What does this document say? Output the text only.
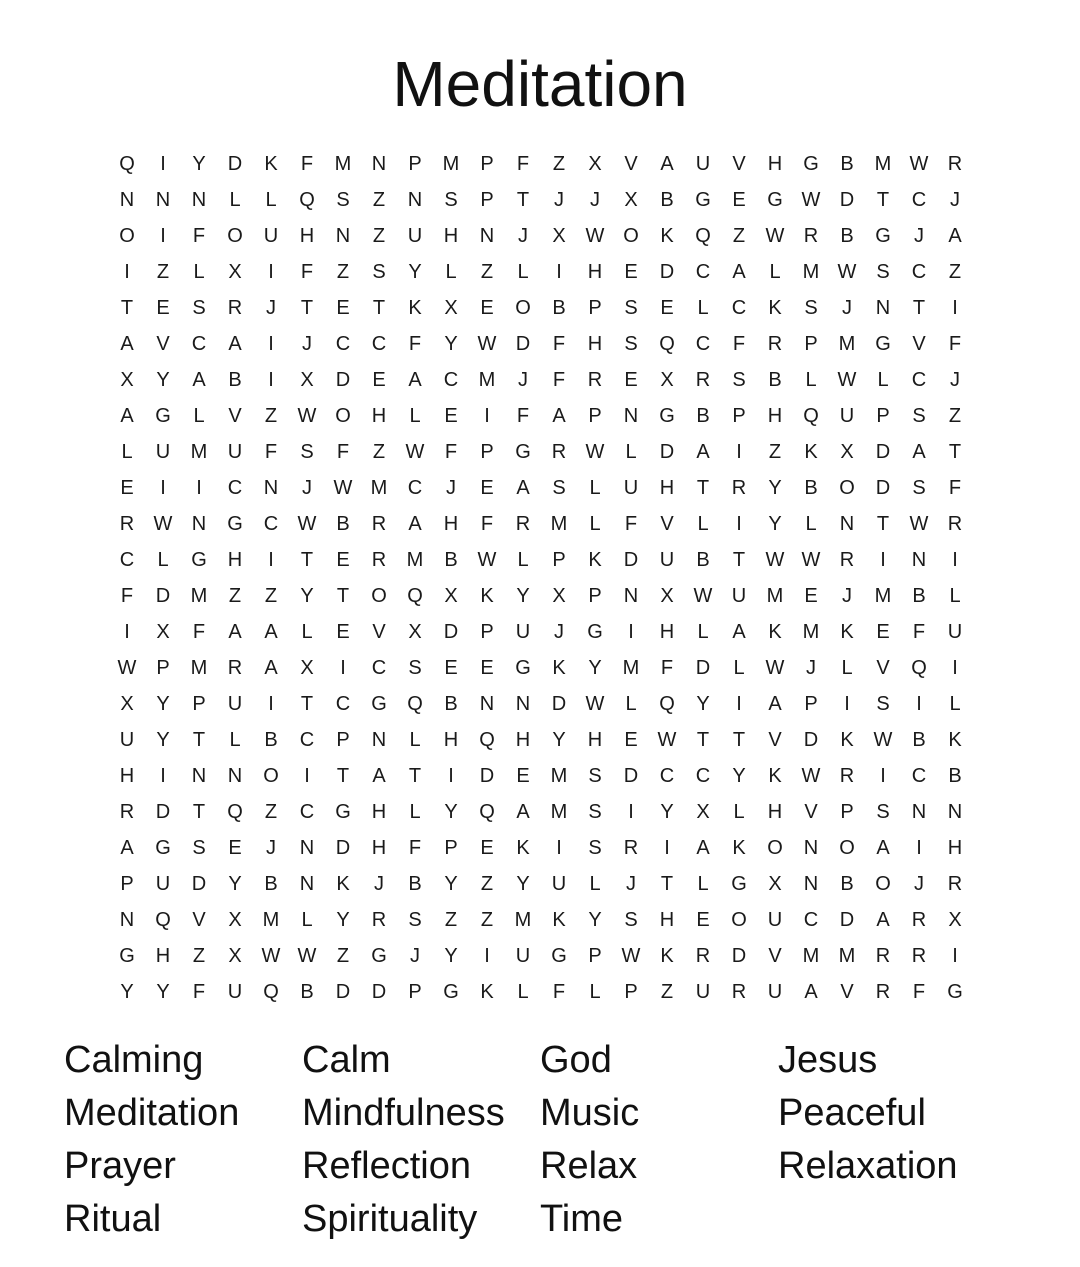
Meditation
Q	I	Y	D	K	F	M	N	P	M	P	F	Z	X	V	A	U	V	H	G	B	M W R
N	N	N	L	L	Q	S	Z	N	S	P	T	J	J	X	B	G	E	G W D	T	C	J
O	I	F	O	U	H	N	Z	U	H	N	J	X W O	K	Q	Z	W R	B	G	J	A
I	Z	L	X	I	F	Z	S	Y	L	Z	L	I	H	E	D	C	A	L	M W S	C	Z
T	E	S	R	J	T	E	T	K	X	E	O	B	P	S	E	L	C	K	S	J	N	T	I
A	V	C	A	I	J	C	C	F	Y W D	F	H	S	Q	C	F	R	P	M G	V	F
X	Y	A	B	I	X	D	E	A	C	M	J	F	R	E	X	R	S	B	L	W	L	C	J
A	G	L	V	Z	W O	H	L	E	I	F	A	P	N	G	B	P	H	Q	U	P	S	Z
L	U	M	U	F	S	F	Z	W	F	P	G	R W	L	D	A	I	Z	K	X	D	A	T
E	I	I	C	N	J	W M	C	J	E	A	S	L	U	H	T	R	Y	B	O	D	S	F
R W N	G	C W B	R	A	H	F	R	M	L	F	V	L	I	Y	L	N	T	W R
C	L	G	H	I	T	E	R	M	B W	L	P	K	D	U	B	T	W W R	I	N	I
F	D	M	Z	Z	Y	T	O	Q	X	K	Y	X	P	N	X W U	M	E	J	M	B	L
I	X	F	A	A	L	E	V	X	D	P	U	J	G	I	H	L	A	K	M	K	E	F	U
W P	M	R	A	X	I	C	S	E	E	G	K	Y	M	F	D	L	W	J	L	V	Q	I
X	Y	P	U	I	T	C	G	Q	B	N	N	D W	L	Q	Y	I	A	P	I	S	I	L
U	Y	T	L	B	C	P	N	L	H	Q	H	Y	H	E W	T	T	V	D	K W B	K
H	I	N	N	O	I	T	A	T	I	D	E	M	S	D	C	C	Y	K W R	I	C	B
R	D	T	Q	Z	C	G	H	L	Y	Q	A	M	S	I	Y	X	L	H	V	P	S	N	N
A	G	S	E	J	N	D	H	F	P	E	K	I	S	R	I	A	K	O	N	O	A	I	H
P	U	D	Y	B	N	K	J	B	Y	Z	Y	U	L	J	T	L	G	X	N	B	O	J	R
N	Q	V	X	M	L	Y	R	S	Z	Z	M	K	Y	S	H	E	O	U	C	D	A	R	X
G	H	Z	X W W	Z	G	J	Y	I	U	G	P W K	R	D	V	M M	R	R	I
Y	Y	F	U	Q	B	D	D	P	G	K	L	F	L	P	Z	U	R	U	A	V	R	F	G
Calming	Calm	God	Jesus
Meditation	Mindfulness Music	Peaceful
Prayer	Reflection	Relax	Relaxation
Ritual	Spirituality	Time
